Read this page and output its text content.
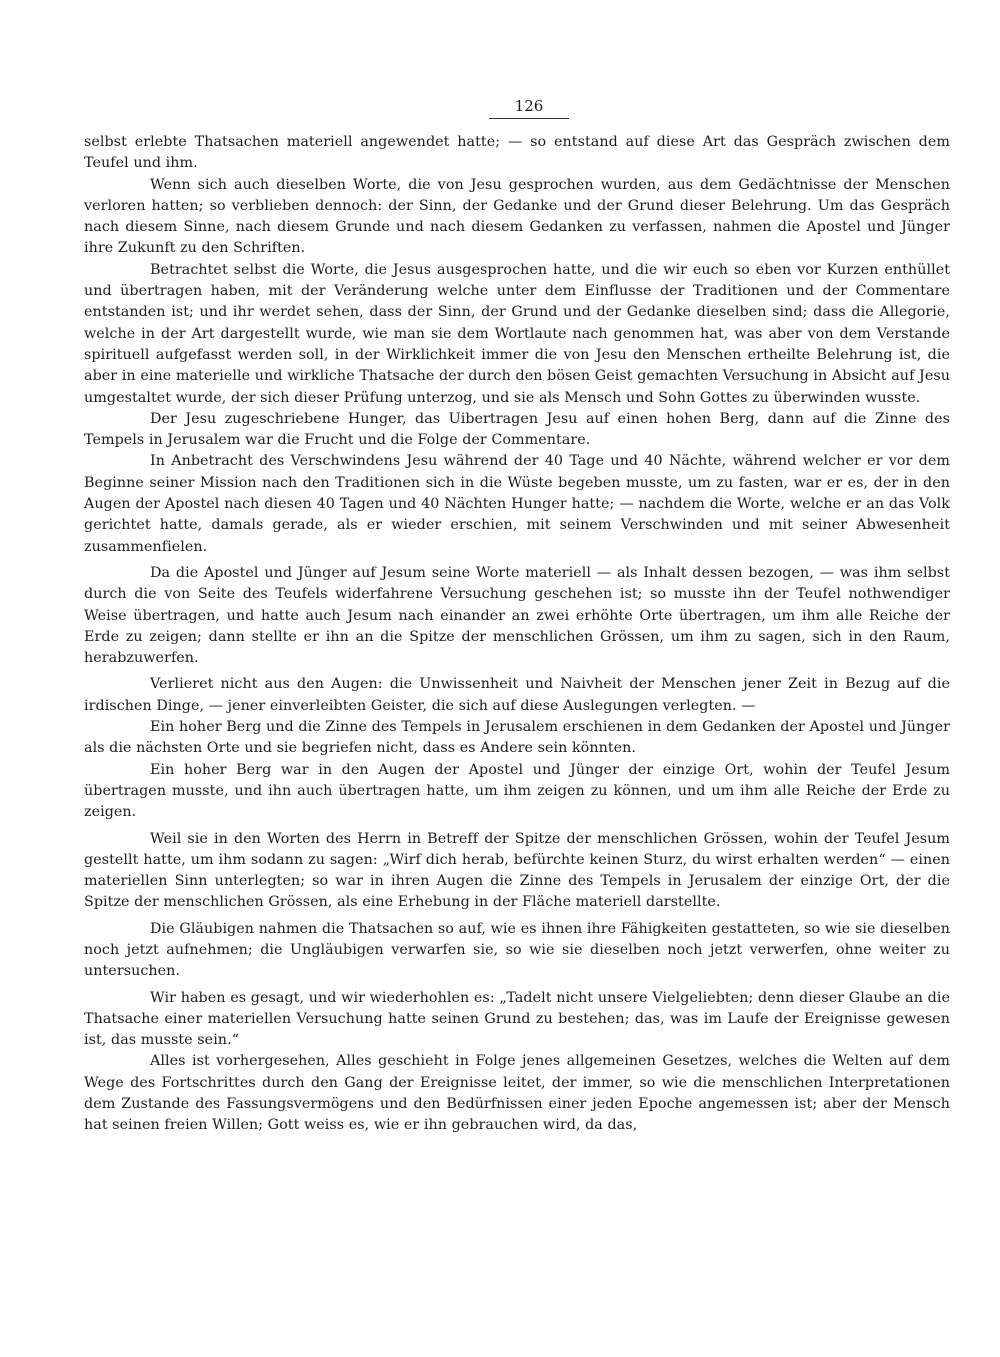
126

selbst erlebte Thatsachen materiell angewendet hatte; — so entstand auf diese Art das Gespräch zwischen dem Teufel und ihm.

Wenn sich auch dieselben Worte, die von Jesu gesprochen wurden, aus dem Gedächtnisse der Menschen verloren hatten; so verblieben dennoch: der Sinn, der Gedanke und der Grund dieser Belehrung. Um das Gespräch nach diesem Sinne, nach diesem Grunde und nach diesem Gedanken zu verfassen, nahmen die Apostel und Jünger ihre Zukunft zu den Schriften.

Betrachtet selbst die Worte, die Jesus ausgesprochen hatte, und die wir euch so eben vor Kurzen enthüllet und übertragen haben, mit der Veränderung welche unter dem Einflusse der Traditionen und der Commentare entstanden ist; und ihr werdet sehen, dass der Sinn, der Grund und der Gedanke dieselben sind; dass die Allegorie, welche in der Art dargestellt wurde, wie man sie dem Wortlaute nach genommen hat, was aber von dem Verstande spirituell aufgefasst werden soll, in der Wirklichkeit immer die von Jesu den Menschen ertheilte Belehrung ist, die aber in eine materielle und wirkliche Thatsache der durch den bösen Geist gemachten Versuchung in Absicht auf Jesu umgestaltet wurde, der sich dieser Prüfung unterzog, und sie als Mensch und Sohn Gottes zu überwinden wusste.

Der Jesu zugeschriebene Hunger, das Uibertragen Jesu auf einen hohen Berg, dann auf die Zinne des Tempels in Jerusalem war die Frucht und die Folge der Commentare.

In Anbetracht des Verschwindens Jesu während der 40 Tage und 40 Nächte, während welcher er vor dem Beginne seiner Mission nach den Traditionen sich in die Wüste begeben musste, um zu fasten, war er es, der in den Augen der Apostel nach diesen 40 Tagen und 40 Nächten Hunger hatte; — nachdem die Worte, welche er an das Volk gerichtet hatte, damals gerade, als er wieder erschien, mit seinem Verschwinden und mit seiner Abwesenheit zusammenfielen.

Da die Apostel und Jünger auf Jesum seine Worte materiell — als Inhalt dessen bezogen, — was ihm selbst durch die von Seite des Teufels widerfahrene Versuchung geschehen ist; so musste ihn der Teufel nothwendiger Weise übertragen, und hatte auch Jesum nach einander an zwei erhöhte Orte übertragen, um ihm alle Reiche der Erde zu zeigen; dann stellte er ihn an die Spitze der menschlichen Grössen, um ihm zu sagen, sich in den Raum, herabzuwerfen.

Verlieret nicht aus den Augen: die Unwissenheit und Naivheit der Menschen jener Zeit in Bezug auf die irdischen Dinge, — jener einverleibten Geister, die sich auf diese Auslegungen verlegten. —

Ein hoher Berg und die Zinne des Tempels in Jerusalem erschienen in dem Gedanken der Apostel und Jünger als die nächsten Orte und sie begriefen nicht, dass es Andere sein könnten.

Ein hoher Berg war in den Augen der Apostel und Jünger der einzige Ort, wohin der Teufel Jesum übertragen musste, und ihn auch übertragen hatte, um ihm zeigen zu können, und um ihm alle Reiche der Erde zu zeigen.

Weil sie in den Worten des Herrn in Betreff der Spitze der menschlichen Grössen, wohin der Teufel Jesum gestellt hatte, um ihm sodann zu sagen: „Wirf dich herab, befürchte keinen Sturz, du wirst erhalten werden“ — einen materiellen Sinn unterlegten; so war in ihren Augen die Zinne des Tempels in Jerusalem der einzige Ort, der die Spitze der menschlichen Grössen, als eine Erhebung in der Fläche materiell darstellte.

Die Gläubigen nahmen die Thatsachen so auf, wie es ihnen ihre Fähigkeiten gestatteten, so wie sie dieselben noch jetzt aufnehmen; die Ungläubigen verwarfen sie, so wie sie dieselben noch jetzt verwerfen, ohne weiter zu untersuchen.

Wir haben es gesagt, und wir wiederhohlen es: „Tadelt nicht unsere Vielgeliebten; denn dieser Glaube an die Thatsache einer materiellen Versuchung hatte seinen Grund zu bestehen; das, was im Laufe der Ereignisse gewesen ist, das musste sein.“

Alles ist vorhergesehen, Alles geschieht in Folge jenes allgemeinen Gesetzes, welches die Welten auf dem Wege des Fortschrittes durch den Gang der Ereignisse leitet, der immer, so wie die menschlichen Interpretationen dem Zustande des Fassungsvermögens und den Bedürfnissen einer jeden Epoche angemessen ist; aber der Mensch hat seinen freien Willen; Gott weiss es, wie er ihn gebrauchen wird, da das,
